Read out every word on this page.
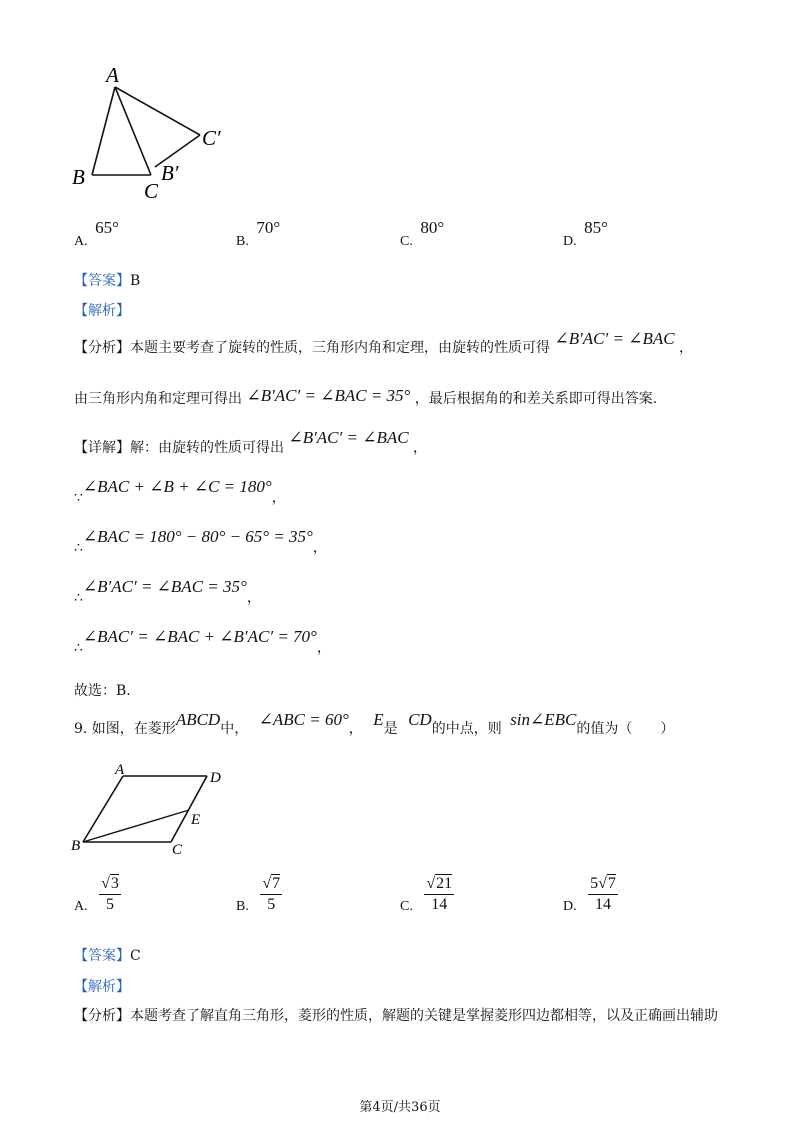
A
B
C
B′
C′
A. 65°
B. 70°
C. 80°
D. 85°
【答案】B
【解析】
【分析】本题主要考查了旋转的性质，三角形内角和定理，由旋转的性质可得 ∠B′AC′ = ∠BAC ，
由三角形内角和定理可得出 ∠B′AC′ = ∠BAC = 35° ，最后根据角的和差关系即可得出答案.
【详解】解：由旋转的性质可得出 ∠B′AC′ = ∠BAC ，
∵∠BAC + ∠B + ∠C = 180°，
∴∠BAC = 180° − 80° − 65° = 35°，
∴∠B′AC′ = ∠BAC = 35°，
∴∠BAC′ = ∠BAC + ∠B′AC′ = 70°，
故选：B.
9. 如图，在菱形ABCD中， ∠ABC = 60°， E是 CD的中点，则 sin∠EBC的值为（　　）
A	D
E
B	C
A. $\frac{√3}{5}$	B. $\frac{√7}{5}$	C. $\frac{√21}{14}$	D. $\frac{5√7}{14}$
【答案】C
【解析】
【分析】本题考查了解直角三角形，菱形的性质，解题的关键是掌握菱形四边都相等，以及正确画出辅助
第4页/共36页
